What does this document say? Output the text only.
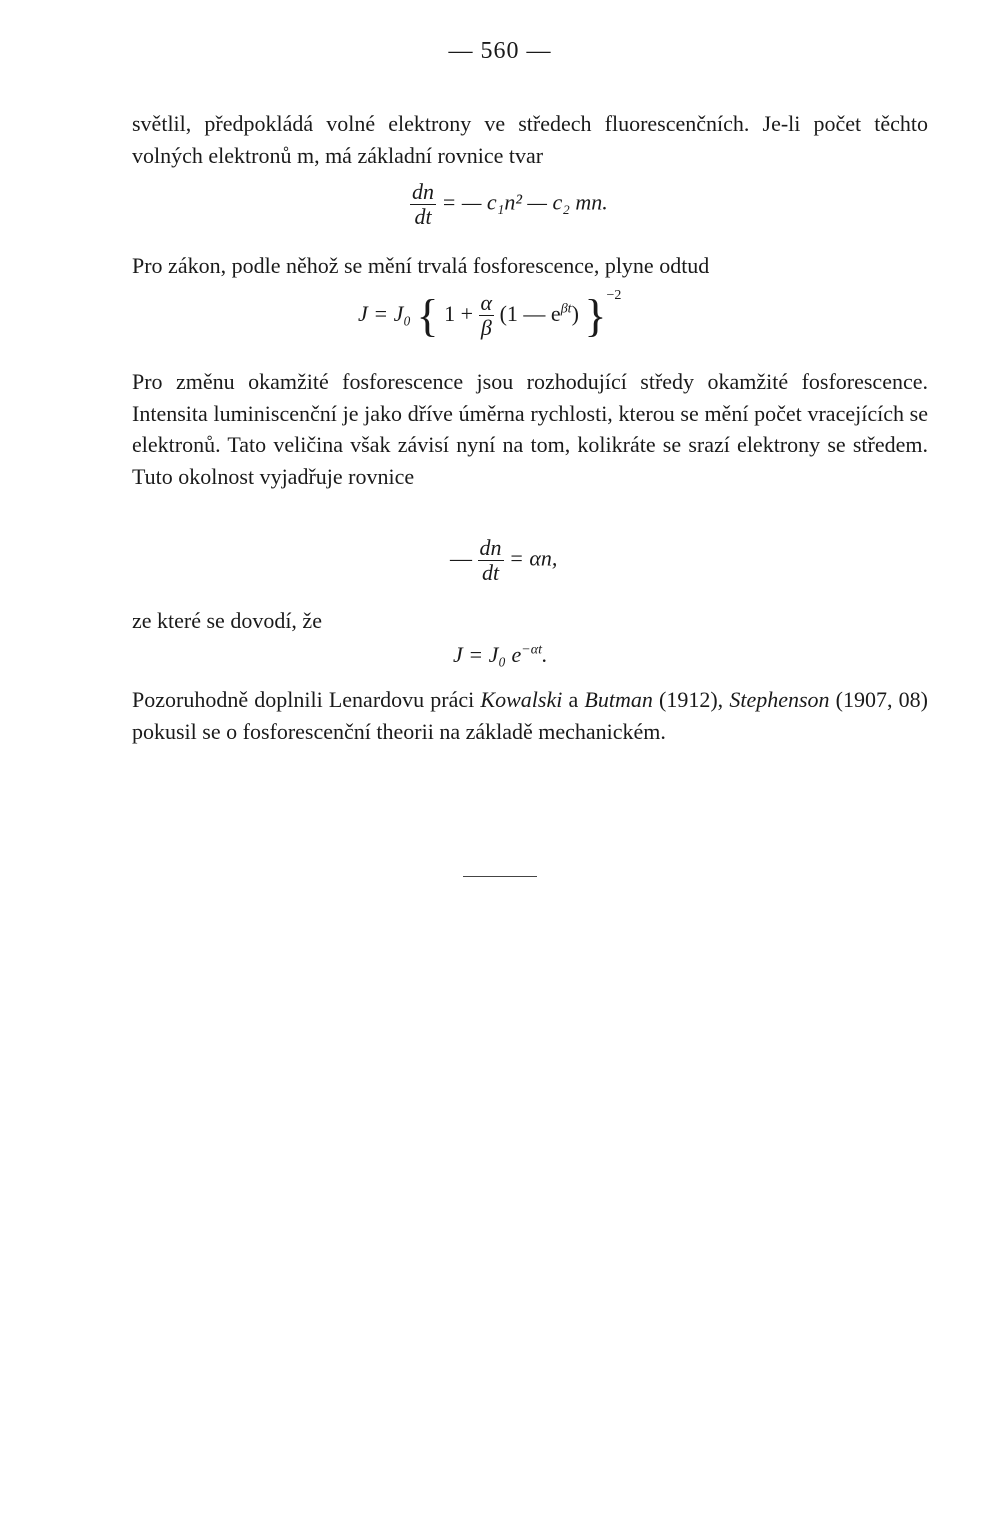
— 560 —
světlil, předpokládá volné elektrony ve středech fluorescenčních. Je-li počet těchto volných elektronů m, má základní rovnice tvar
$\frac{dn}{dt}$ = — c₁n² — c₂ mn.
Pro zákon, podle něhož se mění trvalá fosforescence, plyne odtud
J = J₀ { $1 + \frac{\alpha}{\beta} (1$ — $e^{\beta t}$) }$^{-2}$
Pro změnu okamžité fosforescence jsou rozhodující středy okamžité fosforescence. Intensita luminiscenční je jako dříve úměrna rychlosti, kterou se mění počet vracejících se elektronů. Tato veličina však závisí nyní na tom, kolikráte se srazí elektrony se středem. Tuto okolnost vyjadřuje rovnice
— $\frac{dn}{dt} = \alpha n$,
ze které se dovodí, že
J = J₀ $e^{-\alpha t}$.
Pozoruhodně doplnili Lenardovu práci Kowalski a Butman (1912), Stephenson (1907, 08) pokusil se o fosforescenční theorii na základě mechanickém.
